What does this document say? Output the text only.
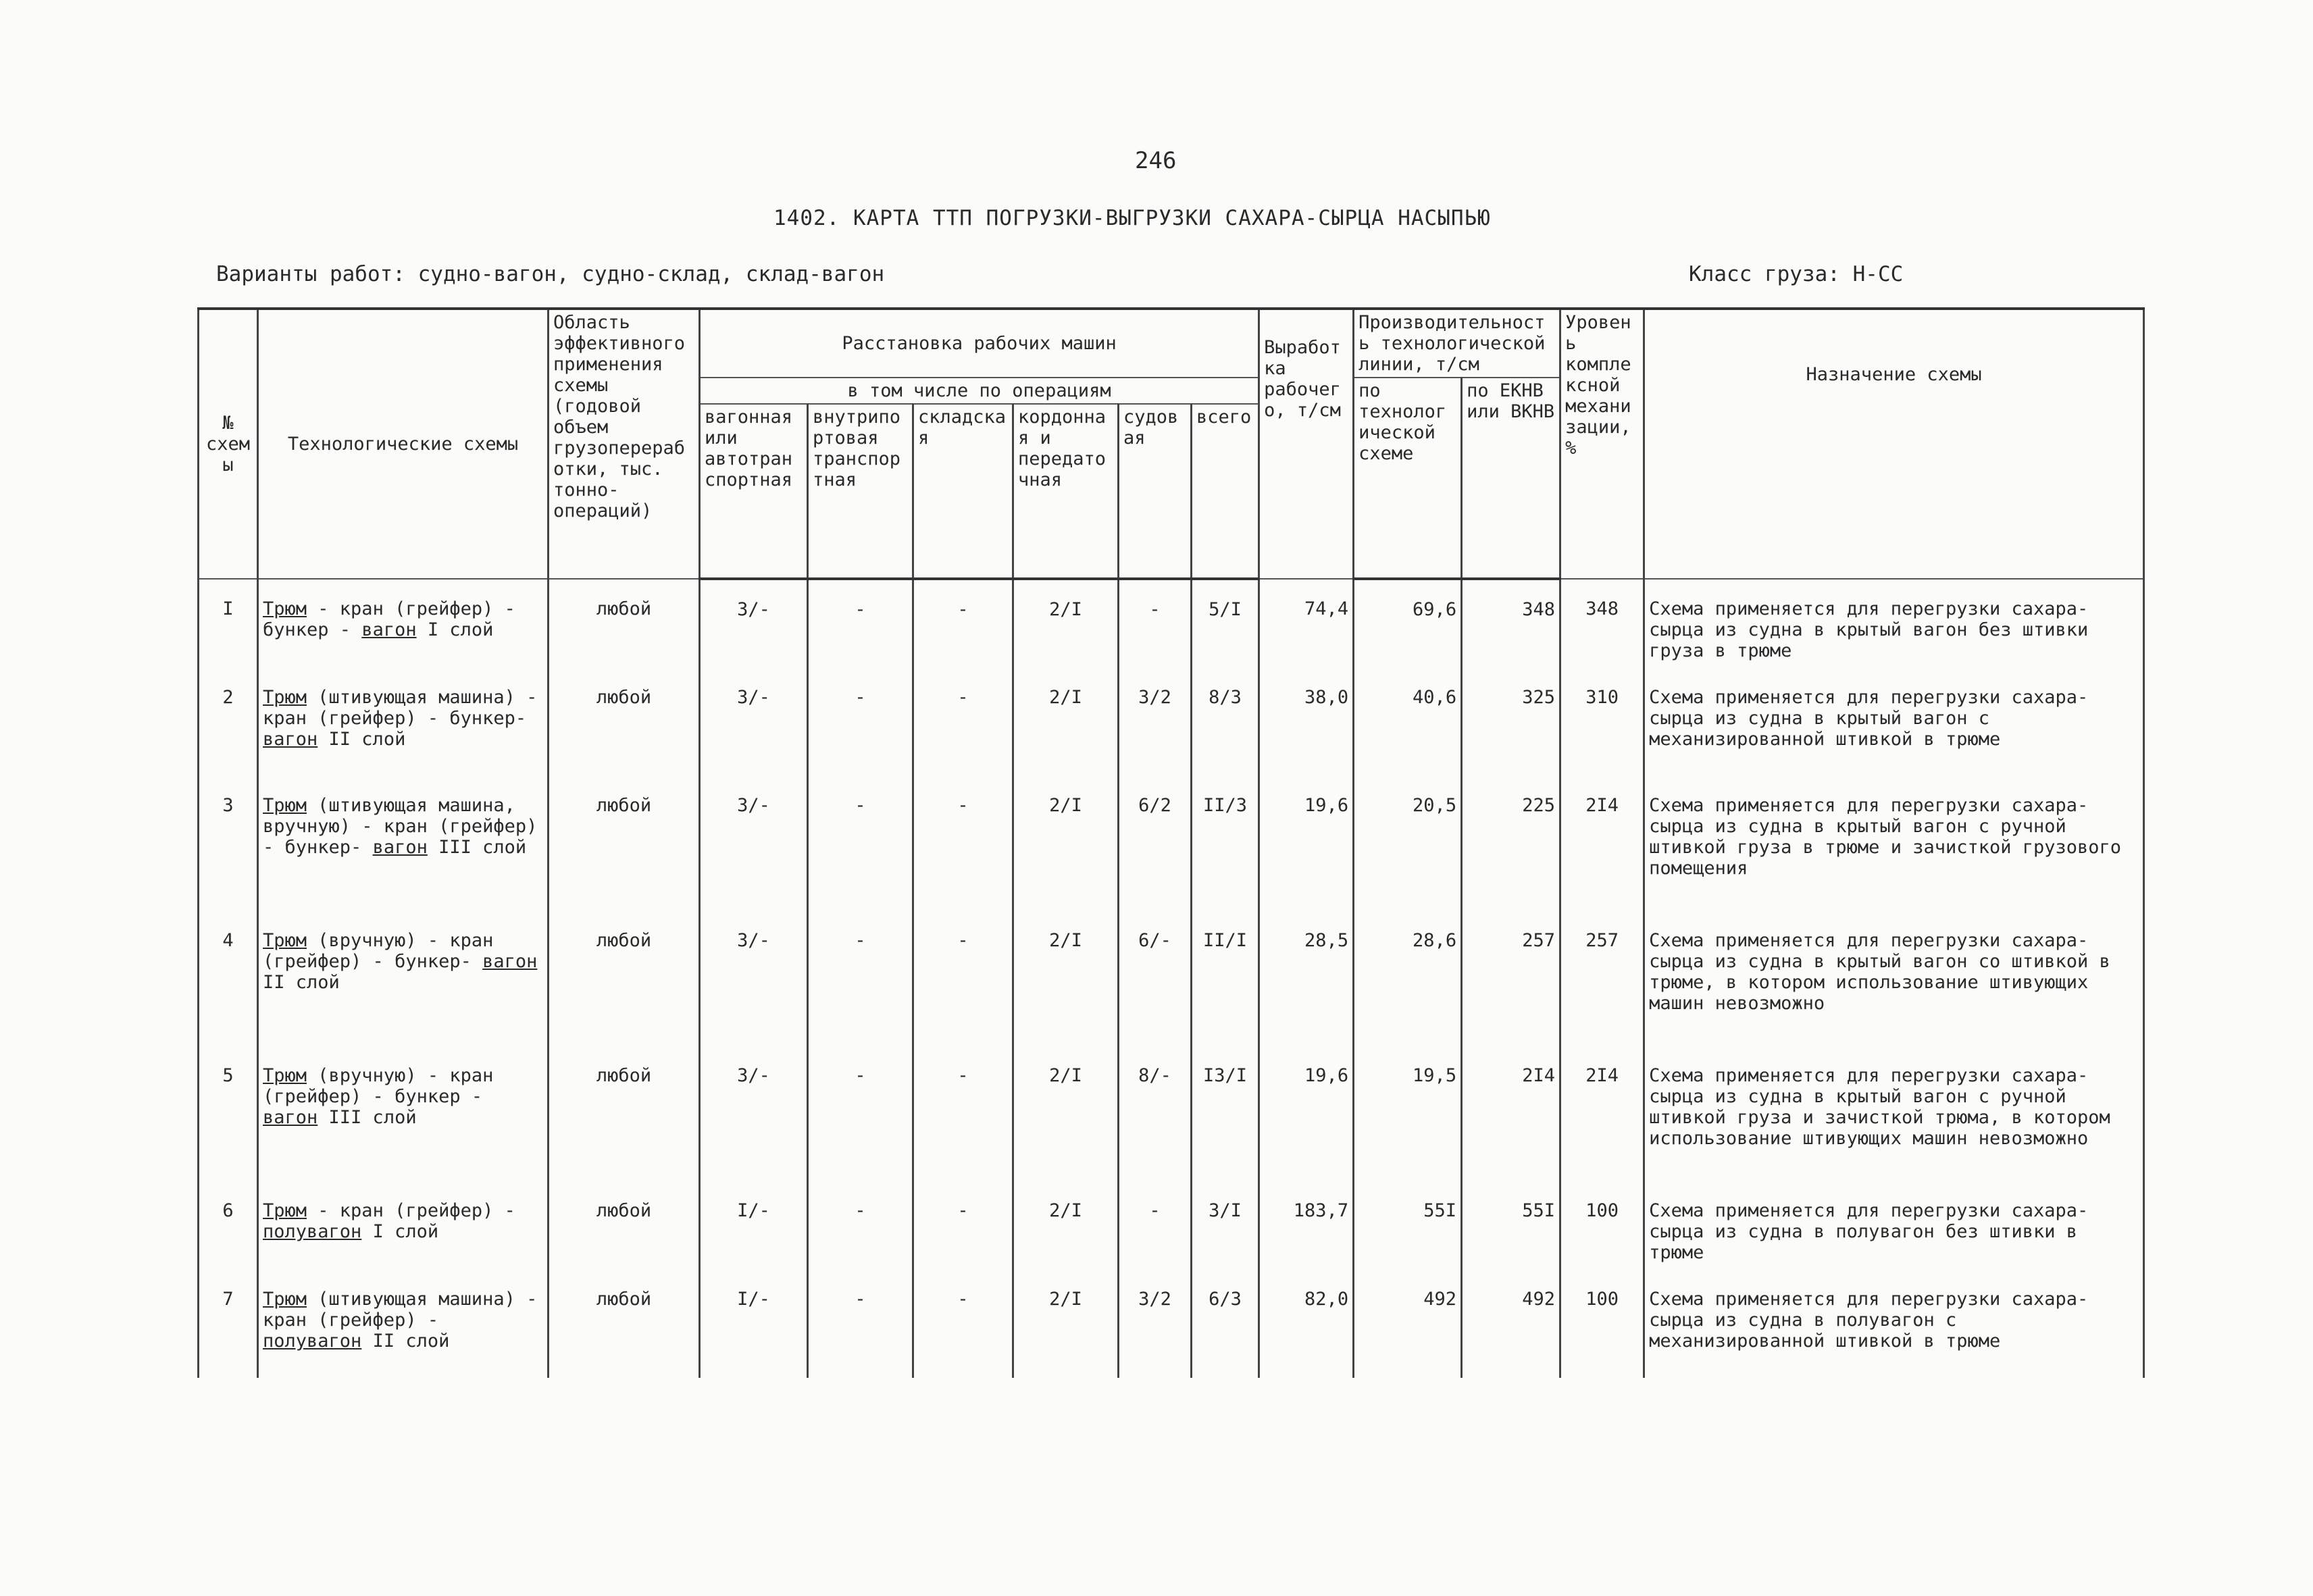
246
1402. КАРТА ТТП ПОГРУЗКИ-ВЫГРУЗКИ САХАРА-СЫРЦА НАСЫПЬЮ
Варианты работ: судно-вагон, судно-склад, склад-вагон	Класс груза: Н-СС
№ схемы	Технологические схемы	Область эффективного применения схемы (годовой объем грузопереработки, тыс. тонно-операций)	Расстановка рабочих машин						Выработка рабочего, т/см	Производительность технологической линии, т/см		Уровень комплексной механизации, %	Назначение схемы
			в том числе по операциям							по технологической схеме	по ЕКНВ или ВКНВ		
			вагонная или автотранспортная	внутрипортовая транспортная	складская	кордонная и передаточная	судовая	всего					
I	Трюм - кран (грейфер) - бункер - вагон I слой	любой	3/-	-	-	2/I	-	5/I	74,4	69,6	348	348	Схема применяется для перегрузки сахара-сырца из судна в крытый вагон без штивки груза в трюме
2	Трюм (штивующая машина) - кран (грейфер) - бункер-вагон II слой	любой	3/-	-	-	2/I	3/2	8/3	38,0	40,6	325	310	Схема применяется для перегрузки сахара-сырца из судна в крытый вагон с механизированной штивкой в трюме
3	Трюм (штивующая машина, вручную) - кран (грейфер) - бункер- вагон III слой	любой	3/-	-	-	2/I	6/2	II/3	19,6	20,5	225	2I4	Схема применяется для перегрузки сахара-сырца из судна в крытый вагон с ручной штивкой груза в трюме и зачисткой грузового помещения
4	Трюм (вручную) - кран (грейфер) - бункер- вагон II слой	любой	3/-	-	-	2/I	6/-	II/I	28,5	28,6	257	257	Схема применяется для перегрузки сахара-сырца из судна в крытый вагон со штивкой в трюме, в котором использование штивующих машин невозможно
5	Трюм (вручную) - кран (грейфер) - бункер - вагон III слой	любой	3/-	-	-	2/I	8/-	I3/I	19,6	19,5	2I4	2I4	Схема применяется для перегрузки сахара-сырца из судна в крытый вагон с ручной штивкой груза и зачисткой трюма, в котором использование штивующих машин невозможно
6	Трюм - кран (грейфер) - полувагон I слой	любой	I/-	-	-	2/I	-	3/I	183,7	55I	55I	100	Схема применяется для перегрузки сахара-сырца из судна в полувагон без штивки в трюме
7	Трюм (штивующая машина) - кран (грейфер) - полувагон II слой	любой	I/-	-	-	2/I	3/2	6/3	82,0	492	492	100	Схема применяется для перегрузки сахара-сырца из судна в полувагон с механизированной штивкой в трюме
